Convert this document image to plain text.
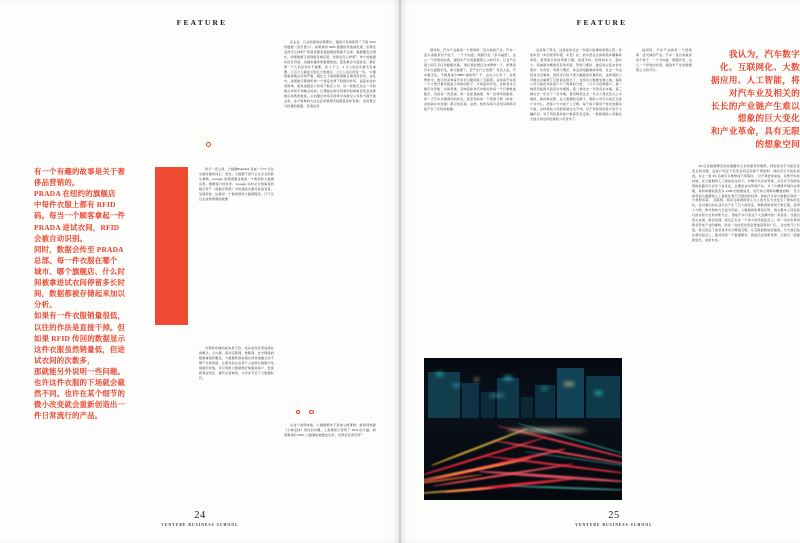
FEATURE
有一个有趣的故事是关于奢
侈品营销的。
PRADA 在纽约的旗舰店
中每件衣服上都有 RFID
码。每当一个顾客拿起一件
PRADA 进试衣间，RFID
会被自动识别。
同时，数据会传至 PRADA
总部。每一件衣服在哪个
城市、哪个旗舰店、什么时
间被拿进试衣间停留多长时
间，数据都被存储起来加以
分析。
如果有一件衣服销量很低，
以往的作法是直接干掉。但
如果 RFID 传回的数据显示
这件衣服虽然销量低，但进
试衣间的次数多，
那就能另外说明一些问题。
也许这件衣服的下场就会截
然不同。也许在某个细节的
微小改变就会重新创造出一
件日常流行的产品。

似乎一夜之间，大数据BigData 变成一个IT 行业中最时髦的词汇。首先，大数据不是什么完全全的新生事物，Google 的搜索服务就是一个典型的大数据运用。根据客户的需求，Google 实时从全球海量的数字资产（或数字资源）中快速找出最可能的答案，呈现给你，这就是一个最典型的大数据服务。只不过过去这样规模的数据

处理和存储的成本是天价，也从来没有形成商业的概念。云计算、移动互联网、物联网、社交网络的数据重组和聚变，大数据和商业模式的快速融合并不断产生新价值，让更多的企业和个人能够从数据中发现新的价值，可以利用大数据更好地服务客户、发现新商业机会、提升运营效率，才迈步开启了大数据时代。

在企业、行业和国家的管理中，通常只有效使用了不到 20% 的数据（甚至更少）。如果剩余 80% 数据的价值被发现，世界会变得怎么样呢？特别是随着量数据的积累不定律，数据爆发式增长，如果数据又得到更有效应用，世界会怎么样呢？ 单个的数据并没有价值，但越来越多的数据叠加，量变就会引起质变。就好像一个人的意见并不重要，但 1 千人、1 万人的意见就无足重要。上百万人就能引发巨大的效应，上亿人足以改变一切。 中国的航班晚点非常严重，相比之下美国航班晚点情况好很多，这其中，美国航空管制机构一个规定发挥了积极的作用，说起来也非常简单，就是美国会公布每个航空公司、每一班航空过去一年的晚点率和平均晚点时间，让旅客在购买机票的时候就自然会选择晚点率低的航班，从而通过市场手段牵引各航空公司努力提升准点率，这个简单的方法比任何管理手段都直接和有效。 没有整合与挖掘的数据，价值也是

从这个案例来看，大数据根本不是独立的事物，就如同电影《少林足球》里出的问题，人类通常只使用了 20% 的大脑，如果剩余的 80% 大脑潜能被激发出来，世界会变得怎样？

24
VENTURE BUSINESS SCHOOL
FEATURE

很同时，汽车产业就是一个很效率、受交换的产业。汽车一直以来就是四个轮子、一个方向盘、两跟沙发（李书福语），这么一个昂贵的东西，围绕车产生的数据那么少的可怜，行业产业链之间几无任何数据共通。 我们现在想反过来想象一下，如果将汽车全面数字化，或大数据了，会产生什么结果？ 有些人说，汽车数字化，不就是加个MBS 模块吗？不，这太小儿科了。在我想象中，数字化意味着汽车可以随时联上互联网，意味着汽车是一个大型计算系统加上快快的轮子、方向盘和沙发，意味着可以数字化导航、自动驾驶，意味着你和汽车相处的每一个行驶轨迹数字，包括每一次急刹、每一次加速减速、每一次拐弯的影像、每一天汽车关键部件的状态，甚至你的每一个驾驶习惯（如每一次的刹车未加速）都记录在案。这样，你的车每月甚至每周都可能产生了比特的数据。

这意味了很多，这将能改过去一年统计的事故率那么低；你的车况（车的使用年限、车型）好，此车型在全体制造车辆事故率低；客驾统计你的驾驶习惯，加速平均，轻拐的车少，超车少，和减速车辆的安有的车距，驾驶习惯好，最后综合起来你车型好、车况好、驾驶习惯好、常走的线路事故率低、过去一年也没有出过事故，因此可以给予更大幅度的优惠折扣，这样保险公司就完全重塑了它的商业模式了，在没有大数据支撑之前，保险公司只能把车险客户分了简单的分类，一只分为四种客户。第一种是连续两年没有出车祸的，第二种过去一年没有出车祸，第三种过去一年出了一次车祸，第四种是过去一年出了两次及以上车祸的，就四种完整。在大数据的支撑下，保险公司可以真正以客户为中心，把客户分为成千上万种，每个客户都有个性化的解决方案。这样保险公司经营就完全不同。对于风险低的客户给予大幅折扣。对于风险高的客户就高价签定的，一般的保险公司就完全地以和这样的保险公司竞争了。

说同时，汽车产业就是一个低效率、受交换的产业。汽车一直以来就是四个轮子、一个方向盘、两跟沙发，这么一个昂贵的东西，围绕车产生的数据那么少的可怜。

我认为，汽车数字
化、互联网化、大数
据应用、人工智能，将
对汽车业及相关的
长长的产业链产生难以
想象的巨大变化
和产业革命，具有无限
的想象空间

4S 店会根据情况及时提醒车主及时保养和维修，特别是对于可能危及安全的问题，在客户同意下签至会同意远程干预控制。同时还可以线犯查找，车主一到 4S 店就可以维修而不用等待。 对于驾驶者来说，有想开车的时候，在大数据和人工智能的支持下，车辆可以自动驾驶，并且对于你经常用的线路可以自学习自优化，必要的自动驾驶汽车。为了方便周环境作业预期，每秒钟要收集至多 1GB 的数据信息，进行综合判断和精准控制。 至少我坚信大数据和人工智能化将不可阻挡的趋势。智能汽车是大数据应用的一个典型场景。 互联网、移动互联网使得人与人的交互方式发生了根本的变化，也对我们的生活方式产生了巨大的改变。物联网则使得万物互联，使得人与物、物与物的交互成为可能。大数据的积累和应用，则从根本上改变我们的认知方式和决策方式。 智能汽车只是这个大浪潮中的一朵浪花。当我们回头来看，就会发现，我们正处在一个伟大时代的起点上。每一次技术革命都会带来产业的重构，而这一次的变化将会更加深刻和广泛。 过去的几十年里，我们见证了信息技术从计算到互联、从互联到智能的演进。今天我们站在新的起点上，面对的是一个数据驱动、智能泛在的新世界。让我们一起拥抱变化，迎接未来。

25
VENTURE BUSINESS SCHOOL
